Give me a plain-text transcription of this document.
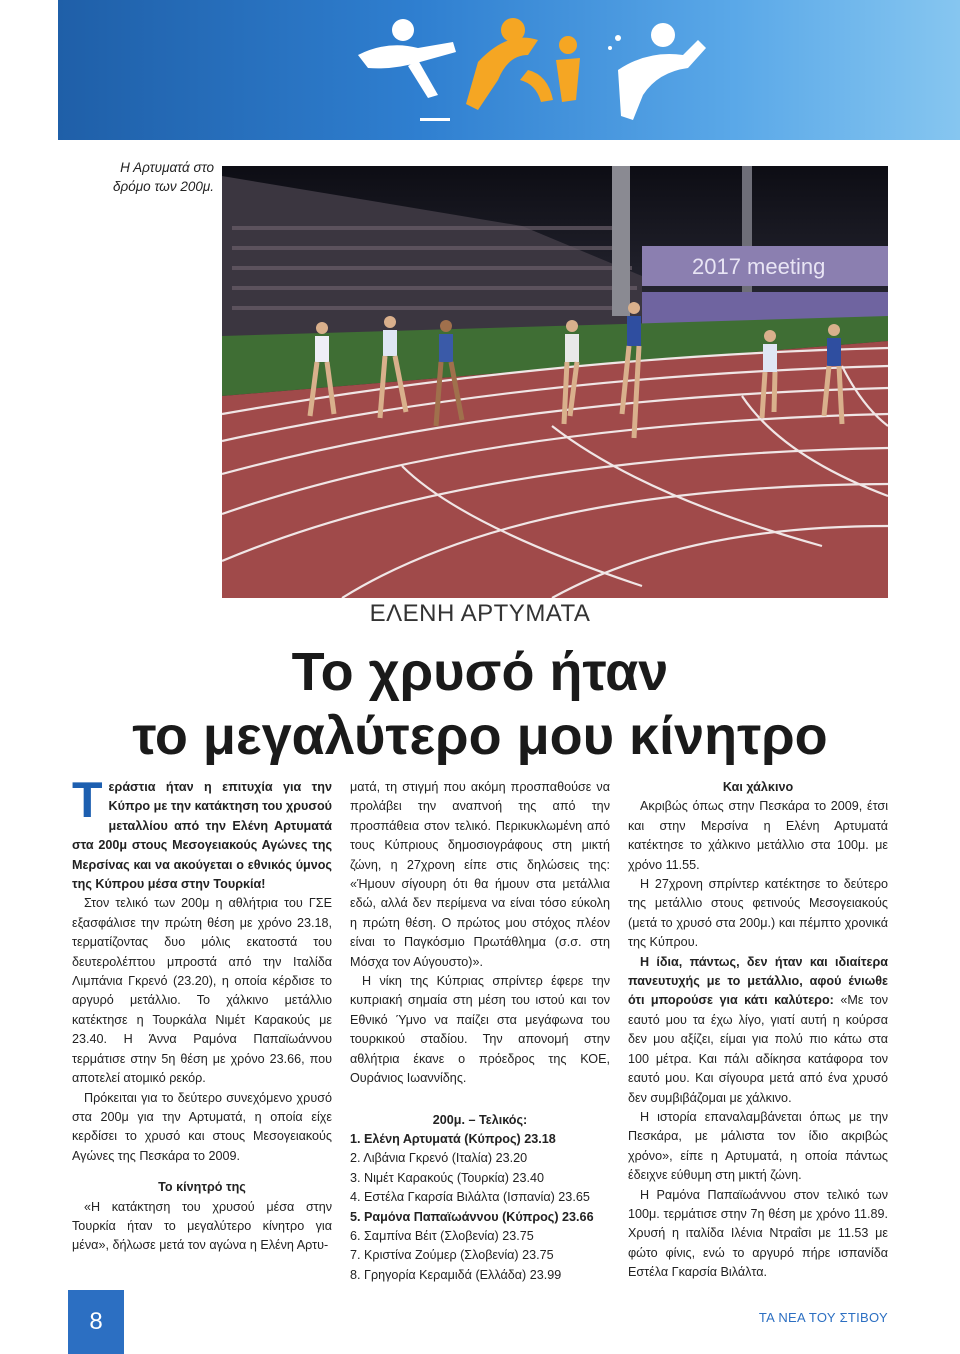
Η Αρτυματά στο δρόμο των 200μ.
2017 meeting
ΕΛΕΝΗ ΑΡΤΥΜΑΤΑ
Το χρυσό ήταν
το μεγαλύτερο μου κίνητρο

Τεράστια ήταν η επιτυχία για την Κύπρο με την κατάκτηση του χρυσού μεταλλίου από την Ελένη Αρτυματά στα 200μ στους Μεσογειακούς Αγώνες της Μερσίνας και να ακούγεται ο εθνικός ύμνος της Κύπρου μέσα στην Τουρκία!

Στον τελικό των 200μ η αθλήτρια του ΓΣΕ εξασφάλισε την πρώτη θέση με χρόνο 23.18, τερματίζοντας δυο μόλις εκατοστά του δευτερολέπτου μπροστά από την Ιταλίδα Λιμπάνια Γκρενό (23.20), η οποία κέρδισε το αργυρό μετάλλιο. Το χάλκινο μετάλλιο κατέκτησε η Τουρκάλα Νιμέτ Καρακούς με 23.40. Η Άννα Ραμόνα Παπαϊωάννου τερμάτισε στην 5η θέση με χρόνο 23.66, που αποτελεί ατομικό ρεκόρ.

Πρόκειται για το δεύτερο συνεχόμενο χρυσό στα 200μ για την Αρτυματά, η οποία είχε κερδίσει το χρυσό και στους Μεσογειακούς Αγώνες της Πεσκάρα το 2009.

Το κίνητρό της

«Η κατάκτηση του χρυσού μέσα στην Τουρκία ήταν το μεγαλύτερο κίνητρο για μένα», δήλωσε μετά τον αγώνα η Ελένη Αρτυ-

ματά, τη στιγμή που ακόμη προσπαθούσε να προλάβει την αναπνοή της από την προσπάθεια στον τελικό. Περικυκλωμένη από τους Κύπριους δημοσιογράφους στη μικτή ζώνη, η 27χρονη είπε στις δηλώσεις της: «Ήμουν σίγουρη ότι θα ήμουν στα μετάλλια εδώ, αλλά δεν περίμενα να είναι τόσο εύκολη η πρώτη θέση. Ο πρώτος μου στόχος πλέον είναι το Παγκόσμιο Πρωτάθλημα (σ.σ. στη Μόσχα τον Αύγουστο)».

Η νίκη της Κύπριας σπρίντερ έφερε την κυπριακή σημαία στη μέση του ιστού και τον Εθνικό Ύμνο να παίζει στα μεγάφωνα του τουρκικού σταδίου. Την απονομή στην αθλήτρια έκανε ο πρόεδρος της ΚΟΕ, Ουράνιος Ιωαννίδης.

200μ. – Τελικός:

1. Ελένη Αρτυματά (Κύπρος) 23.18

2. Λιβάνια Γκρενό (Ιταλία) 23.20

3. Νιμέτ Καρακούς (Τουρκία) 23.40

4. Εστέλα Γκαρσία Βιλάλτα (Ισπανία) 23.65

5. Ραμόνα Παπαϊωάννου (Κύπρος) 23.66

6. Σαμπίνα Βέιτ (Σλοβενία) 23.75

7. Κριστίνα Ζούμερ (Σλοβενία) 23.75

8. Γρηγορία Κεραμιδά (Ελλάδα) 23.99

Και χάλκινο

Ακριβώς όπως στην Πεσκάρα το 2009, έτσι και στην Μερσίνα η Ελένη Αρτυματά κατέκτησε το χάλκινο μετάλλιο στα 100μ. με χρόνο 11.55.

Η 27χρονη σπρίντερ κατέκτησε το δεύτερο της μετάλλιο στους φετινούς Μεσογειακούς (μετά το χρυσό στα 200μ.) και πέμπτο χρονικά της Κύπρου.

Η ίδια, πάντως, δεν ήταν και ιδιαίτερα πανευτυχής με το μετάλλιο, αφού ένιωθε ότι μπορούσε για κάτι καλύτερο: «Με τον εαυτό μου τα έχω λίγο, γιατί αυτή η κούρσα δεν μου αξίζει, είμαι για πολύ πιο κάτω στα 100 μέτρα. Και πάλι αδίκησα κατάφορα τον εαυτό μου. Και σίγουρα μετά από ένα χρυσό δεν συμβιβάζομαι με χάλκινο.

Η ιστορία επαναλαμβάνεται όπως με την Πεσκάρα, με μάλιστα τον ίδιο ακριβώς χρόνο», είπε η Αρτυματά, η οποία πάντως έδειχνε εύθυμη στη μικτή ζώνη.

Η Ραμόνα Παπαϊωάννου στον τελικό των 100μ. τερμάτισε στην 7η θέση με χρόνο 11.89. Χρυσή η ιταλίδα Ιλένια Ντραΐσι με 11.53 με φώτο φίνις, ενώ το αργυρό πήρε ισπανίδα Εστέλα Γκαρσία Βιλάλτα.

8	ΤΑ ΝΕΑ ΤΟΥ ΣΤΙΒΟΥ
